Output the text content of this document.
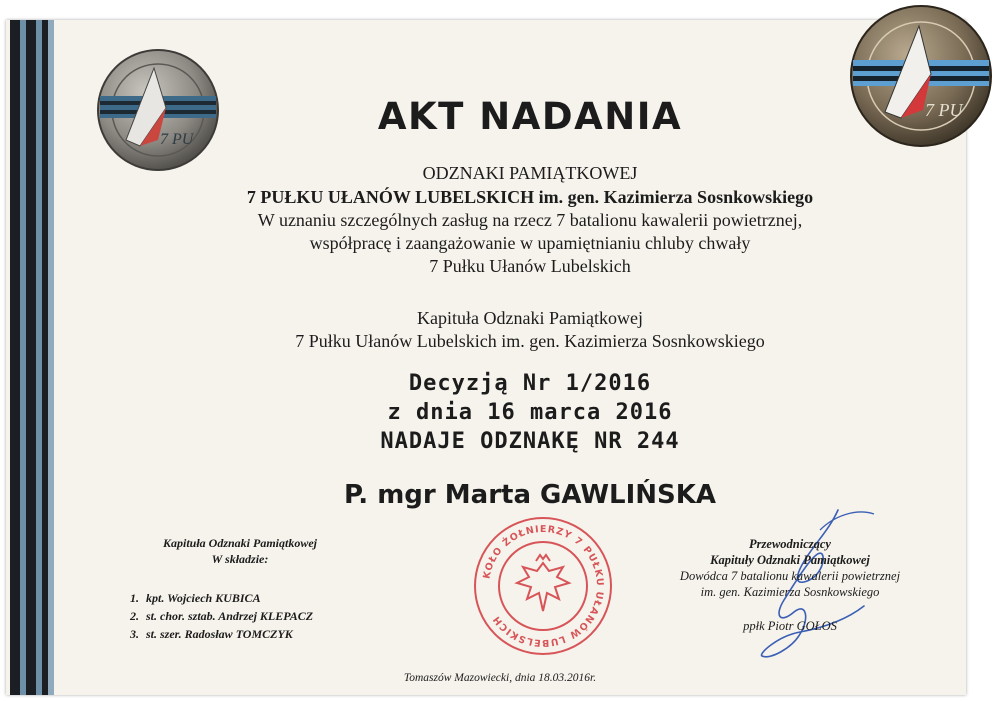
7 PU
7 PU
AKT NADANIA
ODZNAKI PAMIĄTKOWEJ
7 PUŁKU UŁANÓW LUBELSKICH im. gen. Kazimierza Sosnkowskiego
W uznaniu szczególnych zasług na rzecz 7 batalionu kawalerii powietrznej,
współpracę i zaangażowanie w upamiętnianiu chluby chwały
7 Pułku Ułanów Lubelskich
Kapituła Odznaki Pamiątkowej
7 Pułku Ułanów Lubelskich im. gen. Kazimierza Sosnkowskiego
Decyzją Nr 1/2016
z dnia 16 marca 2016
NADAJE ODZNAKĘ NR 244
P. mgr Marta GAWLIŃSKA
Kapituła Odznaki Pamiątkowej
W składzie:
1. kpt. Wojciech KUBICA
2. st. chor. sztab. Andrzej KLEPACZ
3. st. szer. Radosław TOMCZYK
KOŁO ŻOŁNIERZY 7 PUŁKU UŁANÓW LUBELSKICH
Przewodniczący
Kapituły Odznaki Pamiątkowej
Dowódca 7 batalionu kawalerii powietrznej
im. gen. Kazimierza Sosnkowskiego
ppłk Piotr GOŁOS
Tomaszów Mazowiecki, dnia 18.03.2016r.
